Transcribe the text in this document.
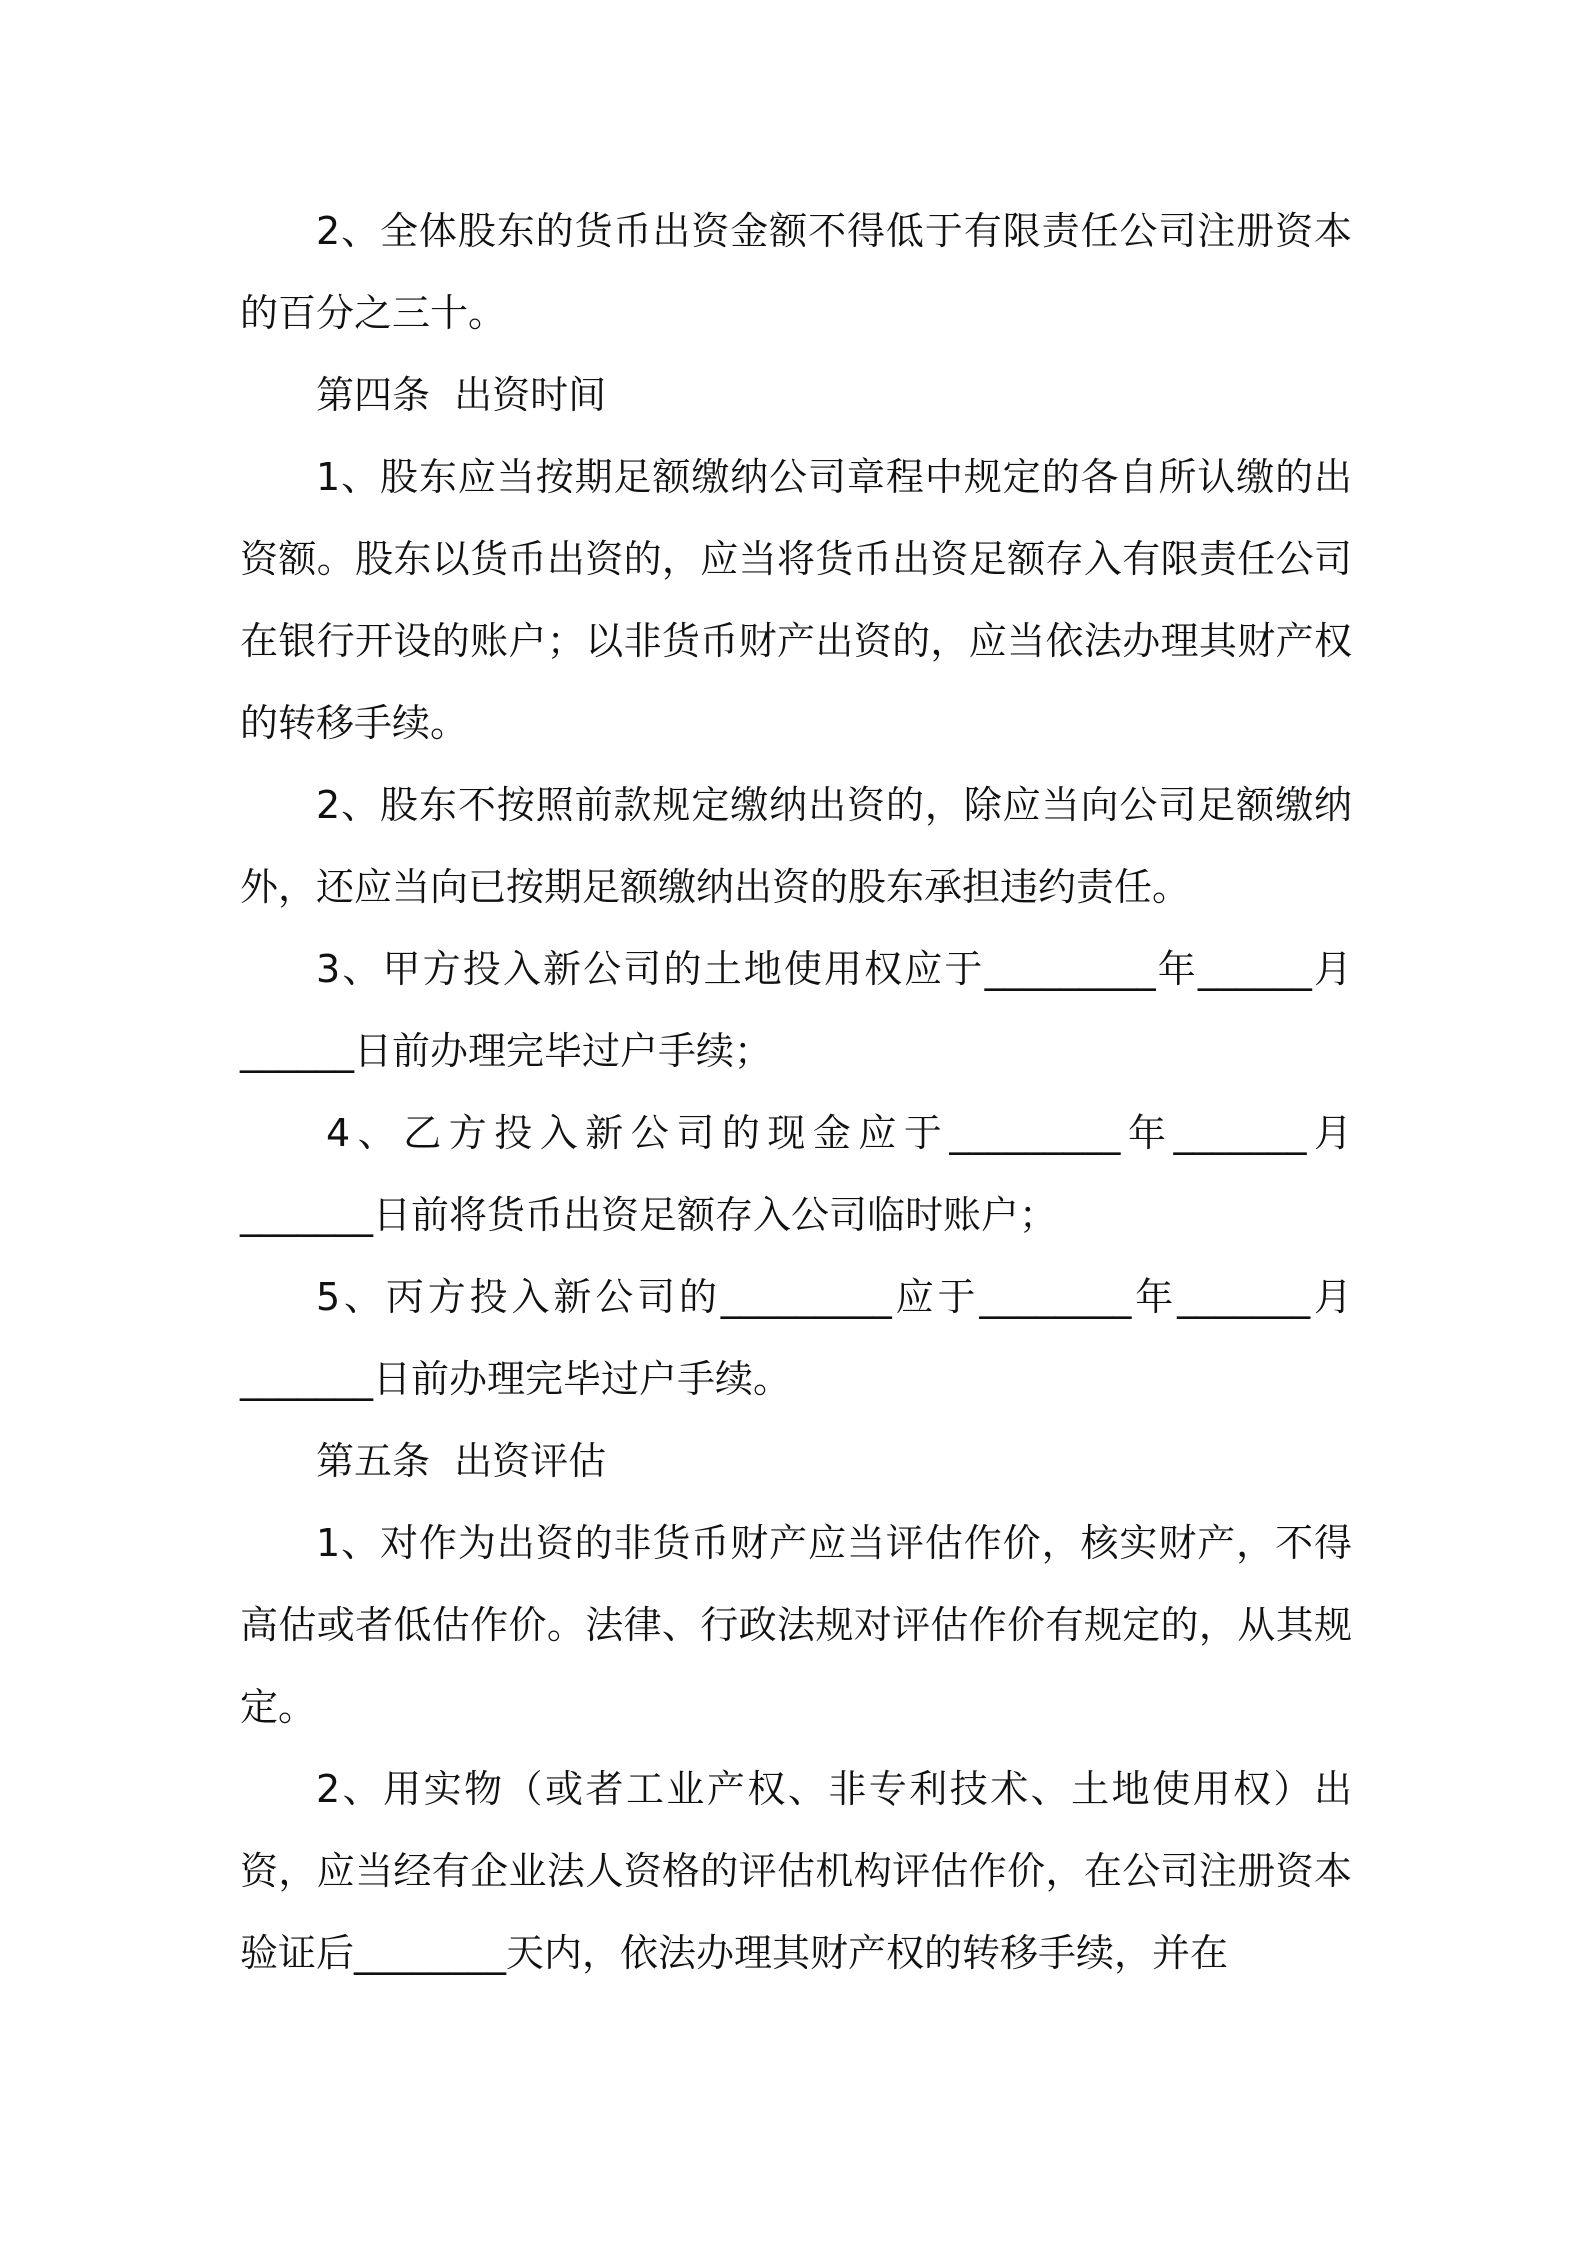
2、全体股东的货币出资金额不得低于有限责任公司注册资本的百分之三十。

第四条  出资时间

1、股东应当按期足额缴纳公司章程中规定的各自所认缴的出资额。股东以货币出资的，应当将货币出资足额存入有限责任公司在银行开设的账户；以非货币财产出资的，应当依法办理其财产权的转移手续。

2、股东不按照前款规定缴纳出资的，除应当向公司足额缴纳外，还应当向已按期足额缴纳出资的股东承担违约责任。

3、甲方投入新公司的土地使用权应于_________年______月______日前办理完毕过户手续；

4、乙方投入新公司的现金应于_________年_______月_______日前将货币出资足额存入公司临时账户；

5、丙方投入新公司的_________应于________年_______月_______日前办理完毕过户手续。

第五条  出资评估

1、对作为出资的非货币财产应当评估作价，核实财产，不得高估或者低估作价。法律、行政法规对评估作价有规定的，从其规定。

2、用实物（或者工业产权、非专利技术、土地使用权）出资，应当经有企业法人资格的评估机构评估作价，在公司注册资本验证后________天内，依法办理其财产权的转移手续，并在
